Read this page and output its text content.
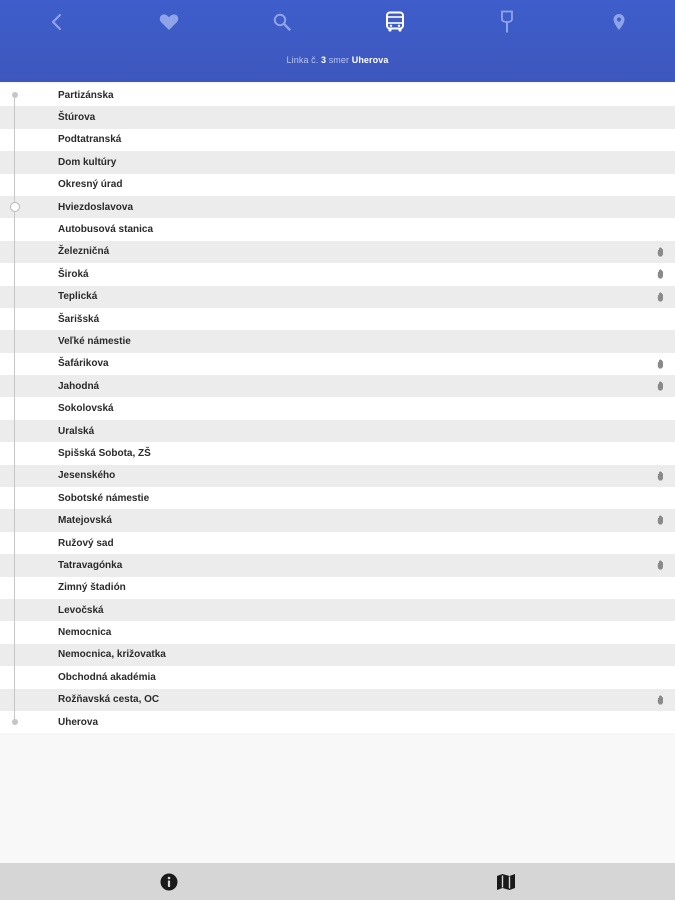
Linka č. 3 smer Uherova
Partizánska
Štúrova
Podtatranská
Dom kultúry
Okresný úrad
Hviezdoslavova
Autobusová stanica
Železničná
Široká
Teplická
Šarišská
Veľké námestie
Šafárikova
Jahodná
Sokolovská
Uralská
Spišská Sobota, ZŠ
Jesenského
Sobotské námestie
Matejovská
Ružový sad
Tatravagónka
Zimný štadión
Levočská
Nemocnica
Nemocnica, križovatka
Obchodná akadémia
Rožňavská cesta, OC
Uherova
